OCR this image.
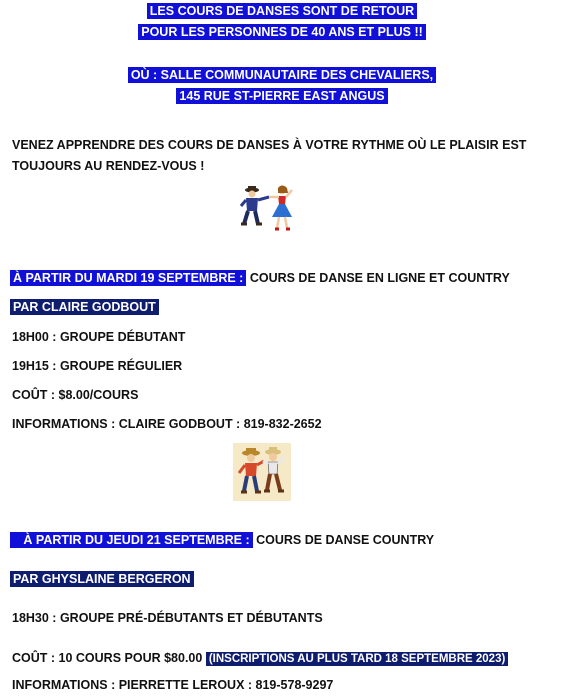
LES COURS DE DANSES SONT DE RETOUR
POUR LES PERSONNES DE 40 ANS ET PLUS !!
OÙ : SALLE COMMUNAUTAIRE DES CHEVALIERS,
145 RUE ST-PIERRE EAST ANGUS
VENEZ APPRENDRE DES COURS DE DANSES À VOTRE RYTHME OÙ LE PLAISIR EST
TOUJOURS AU RENDEZ-VOUS !
À PARTIR DU MARDI 19 SEPTEMBRE : COURS DE DANSE EN LIGNE ET COUNTRY
PAR CLAIRE GODBOUT
18H00 : GROUPE DÉBUTANT
19H15 : GROUPE RÉGULIER
COÛT : $8.00/COURS
INFORMATIONS : CLAIRE GODBOUT : 819-832-2652
À PARTIR DU JEUDI 21 SEPTEMBRE : COURS DE DANSE COUNTRY
PAR GHYSLAINE BERGERON
18H30 : GROUPE PRÉ-DÉBUTANTS ET DÉBUTANTS
COÛT : 10 COURS POUR $80.00 (INSCRIPTIONS AU PLUS TARD 18 SEPTEMBRE 2023)
INFORMATIONS : PIERRETTE LEROUX : 819-578-9297
